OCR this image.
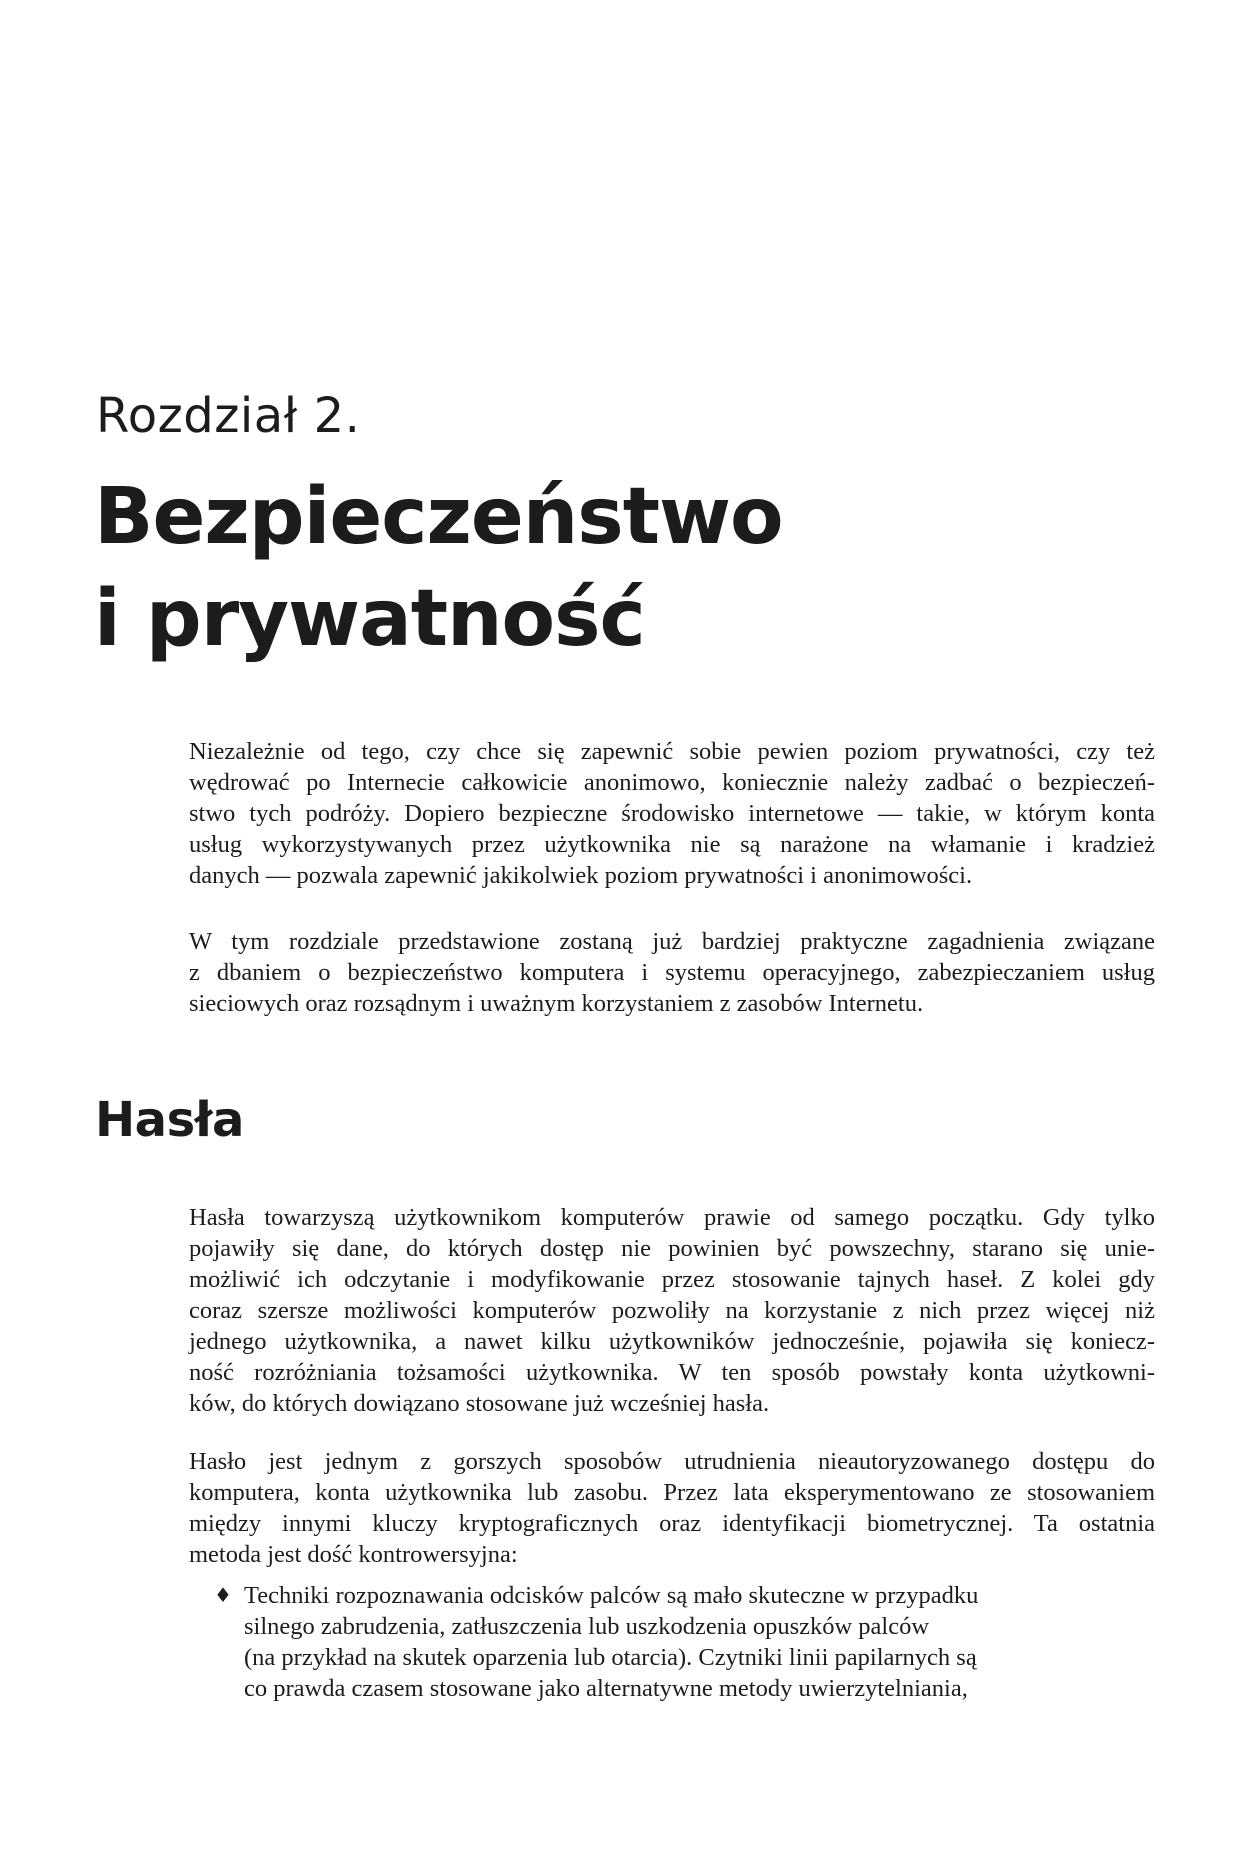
Rozdział 2.
Bezpieczeństwo
i prywatność

Niezależnie od tego, czy chce się zapewnić sobie pewien poziom prywatności, czy też
wędrować po Internecie całkowicie anonimowo, koniecznie należy zadbać o bezpieczeń-
stwo tych podróży. Dopiero bezpieczne środowisko internetowe — takie, w którym konta
usług wykorzystywanych przez użytkownika nie są narażone na włamanie i kradzież
danych — pozwala zapewnić jakikolwiek poziom prywatności i anonimowości.

W tym rozdziale przedstawione zostaną już bardziej praktyczne zagadnienia związane
z dbaniem o bezpieczeństwo komputera i systemu operacyjnego, zabezpieczaniem usług
sieciowych oraz rozsądnym i uważnym korzystaniem z zasobów Internetu.

Hasła

Hasła towarzyszą użytkownikom komputerów prawie od samego początku. Gdy tylko
pojawiły się dane, do których dostęp nie powinien być powszechny, starano się unie-
możliwić ich odczytanie i modyfikowanie przez stosowanie tajnych haseł. Z kolei gdy
coraz szersze możliwości komputerów pozwoliły na korzystanie z nich przez więcej niż
jednego użytkownika, a nawet kilku użytkowników jednocześnie, pojawiła się koniecz-
ność rozróżniania tożsamości użytkownika. W ten sposób powstały konta użytkowni-
ków, do których dowiązano stosowane już wcześniej hasła.

Hasło jest jednym z gorszych sposobów utrudnienia nieautoryzowanego dostępu do
komputera, konta użytkownika lub zasobu. Przez lata eksperymentowano ze stosowaniem
między innymi kluczy kryptograficznych oraz identyfikacji biometrycznej. Ta ostatnia
metoda jest dość kontrowersyjna:

♦ Techniki rozpoznawania odcisków palców są mało skuteczne w przypadku
silnego zabrudzenia, zatłuszczenia lub uszkodzenia opuszków palców
(na przykład na skutek oparzenia lub otarcia). Czytniki linii papilarnych są
co prawda czasem stosowane jako alternatywne metody uwierzytelniania,
